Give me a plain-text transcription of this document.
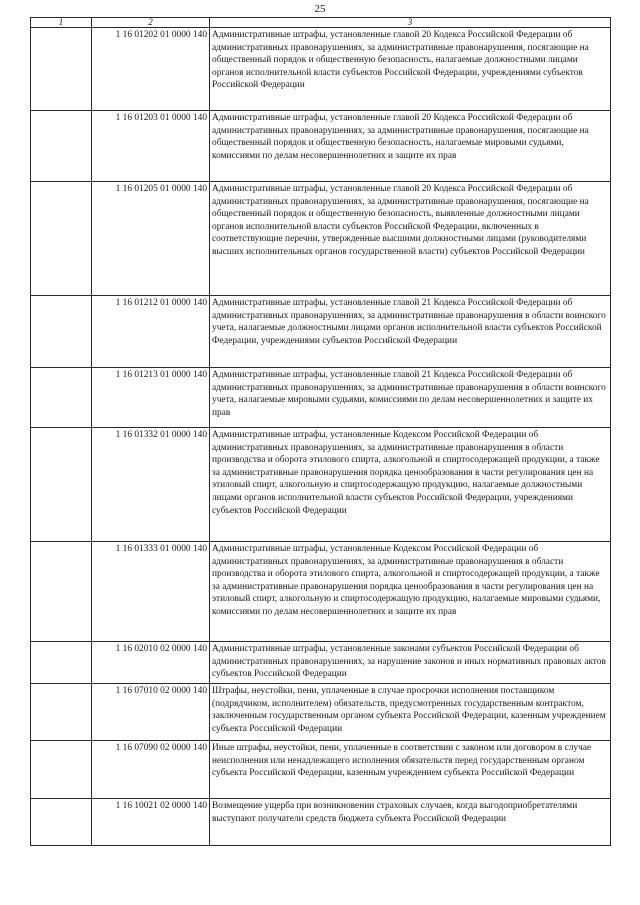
25
1	2	3
	1 16 01202 01 0000 140	Административные штрафы, установленные главой 20 Кодекса Российской Федерации об административных правонарушениях, за административные правонарушения, посягающие на общественный порядок и общественную безопасность, налагаемые должностными лицами органов исполнительной власти субъектов Российской Федерации, учреждениями субъектов Российской Федерации
	1 16 01203 01 0000 140	Административные штрафы, установленные главой 20 Кодекса Российской Федерации об административных правонарушениях, за административные правонарушения, посягающие на общественный порядок и общественную безопасность, налагаемые мировыми судьями, комиссиями по делам несовершеннолетних и защите их прав
	1 16 01205 01 0000 140	Административные штрафы, установленные главой 20 Кодекса Российской Федерации об административных правонарушениях, за административные правонарушения, посягающие на общественный порядок и общественную безопасность, выявленные должностными лицами органов исполнительной власти субъектов Российской Федерации, включенных в соответствующие перечни, утвержденные высшими должностными лицами (руководителями высших исполнительных органов государственной власти) субъектов Российской Федерации
	1 16 01212 01 0000 140	Административные штрафы, установленные главой 21 Кодекса Российской Федерации об административных правонарушениях, за административные правонарушения в области воинского учета, налагаемые должностными лицами органов исполнительной власти субъектов Российской Федерации, учреждениями субъектов Российской Федерации
	1 16 01213 01 0000 140	Административные штрафы, установленные главой 21 Кодекса Российской Федерации об административных правонарушениях, за административные правонарушения в области воинского учета, налагаемые мировыми судьями, комиссиями по делам несовершеннолетних и защите их прав
	1 16 01332 01 0000 140	Административные штрафы, установленные Кодексом Российской Федерации об административных правонарушениях, за административные правонарушения в области производства и оборота этилового спирта, алкогольной и спиртосодержащей продукции, а также за административные правонарушения порядка ценообразования в части регулирования цен на этиловый спирт, алкогольную и спиртосодержащую продукцию, налагаемые должностными лицами органов исполнительной власти субъектов Российской Федерации, учреждениями субъектов Российской Федерации
	1 16 01333 01 0000 140	Административные штрафы, установленные Кодексом Российской Федерации об административных правонарушениях, за административные правонарушения в области производства и оборота этилового спирта, алкогольной и спиртосодержащей продукции, а также за административные правонарушения порядка ценообразования в части регулирования цен на этиловый спирт, алкогольную и спиртосодержащую продукцию, налагаемые мировыми судьями, комиссиями по делам несовершеннолетних и защите их прав
	1 16 02010 02 0000 140	Административные штрафы, установленные законами субъектов Российской Федерации об административных правонарушениях, за нарушение законов и иных нормативных правовых актов субъектов Российской Федерации
	1 16 07010 02 0000 140	Штрафы, неустойки, пени, уплаченные в случае просрочки исполнения поставщиком (подрядчиком, исполнителем) обязательств, предусмотренных государственным контрактом, заключенным государственным органом субъекта Российской Федерации, казенным учреждением субъекта Российской Федерации
	1 16 07090 02 0000 140	Иные штрафы, неустойки, пени, уплаченные в соответствии с законом или договором в случае неисполнения или ненадлежащего исполнения обязательств перед государственным органом субъекта Российской Федерации, казенным учреждением субъекта Российской Федерации
	1 16 10021 02 0000 140	Возмещение ущерба при возникновении страховых случаев, когда выгодоприобретателями выступают получатели средств бюджета субъекта Российской Федерации
